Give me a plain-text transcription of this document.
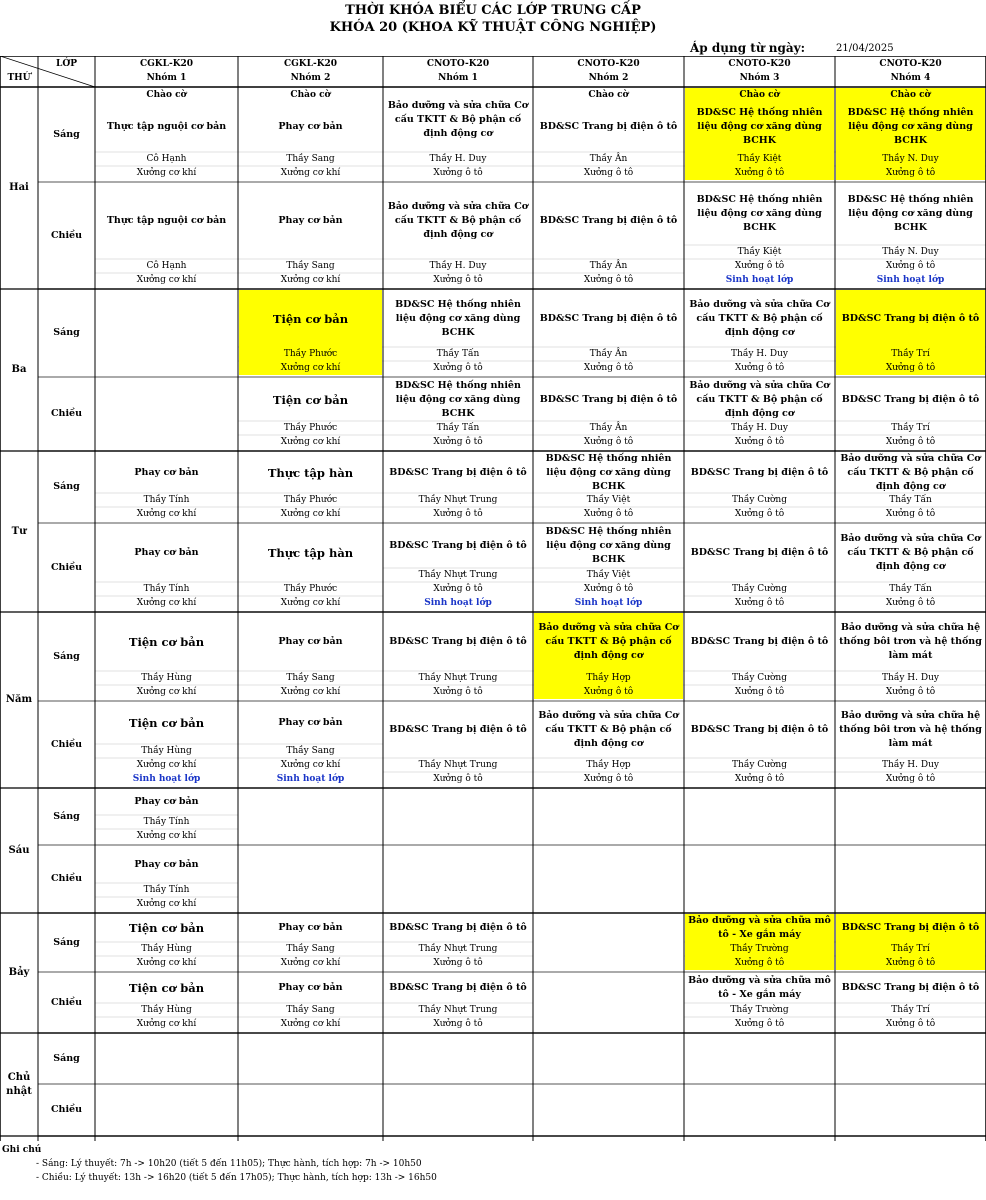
THỜI KHÓA BIỂU CÁC LỚP TRUNG CẤP
KHÓA 20 (KHOA KỸ THUẬT CÔNG NGHIỆP)
Áp dụng từ ngày:	21/04/2025
LỚP
THỨ
CGKL-K20
Nhóm 1
CGKL-K20
Nhóm 2
CNOTO-K20
Nhóm 1
CNOTO-K20
Nhóm 2
CNOTO-K20
Nhóm 3
CNOTO-K20
Nhóm 4
Hai
Sáng
Chào cờ
Thực tập nguội cơ bản
Cô Hạnh
Xưởng cơ khí
Chào cờ
Phay cơ bản
Thầy Sang
Xưởng cơ khí
Bảo dưỡng và sửa chữa Cơ cấu TKTT & Bộ phận cố định động cơ
Thầy H. Duy
Xưởng ô tô
Chào cờ
BD&SC Trang bị điện ô tô
Thầy Ân
Xưởng ô tô
Chào cờ
BD&SC Hệ thống nhiên liệu động cơ xăng dùng BCHK
Thầy Kiệt
Xưởng ô tô
Chào cờ
BD&SC Hệ thống nhiên liệu động cơ xăng dùng BCHK
Thầy N. Duy
Xưởng ô tô
Chiều
Thực tập nguội cơ bản
Cô Hạnh
Xưởng cơ khí
Phay cơ bản
Thầy Sang
Xưởng cơ khí
Bảo dưỡng và sửa chữa Cơ cấu TKTT & Bộ phận cố định động cơ
Thầy H. Duy
Xưởng ô tô
BD&SC Trang bị điện ô tô
Thầy Ân
Xưởng ô tô
BD&SC Hệ thống nhiên liệu động cơ xăng dùng BCHK
Thầy Kiệt
Xưởng ô tô
Sinh hoạt lớp
BD&SC Hệ thống nhiên liệu động cơ xăng dùng BCHK
Thầy N. Duy
Xưởng ô tô
Sinh hoạt lớp
Ba
Sáng
Tiện cơ bản
Thầy Phước
Xưởng cơ khí
BD&SC Hệ thống nhiên liệu động cơ xăng dùng BCHK
Thầy Tấn
Xưởng ô tô
BD&SC Trang bị điện ô tô
Thầy Ân
Xưởng ô tô
Bảo dưỡng và sửa chữa Cơ cấu TKTT & Bộ phận cố định động cơ
Thầy H. Duy
Xưởng ô tô
BD&SC Trang bị điện ô tô
Thầy Trí
Xưởng ô tô
Chiều
Tiện cơ bản
Thầy Phước
Xưởng cơ khí
BD&SC Hệ thống nhiên liệu động cơ xăng dùng BCHK
Thầy Tấn
Xưởng ô tô
BD&SC Trang bị điện ô tô
Thầy Ân
Xưởng ô tô
Bảo dưỡng và sửa chữa Cơ cấu TKTT & Bộ phận cố định động cơ
Thầy H. Duy
Xưởng ô tô
BD&SC Trang bị điện ô tô
Thầy Trí
Xưởng ô tô
Tư
Sáng
Phay cơ bản
Thầy Tính
Xưởng cơ khí
Thực tập hàn
Thầy Phước
Xưởng cơ khí
BD&SC Trang bị điện ô tô
Thầy Nhựt Trung
Xưởng ô tô
BD&SC Hệ thống nhiên liệu động cơ xăng dùng BCHK
Thầy Việt
Xưởng ô tô
BD&SC Trang bị điện ô tô
Thầy Cường
Xưởng ô tô
Bảo dưỡng và sửa chữa Cơ cấu TKTT & Bộ phận cố định động cơ
Thầy Tấn
Xưởng ô tô
Chiều
Phay cơ bản
Thầy Tính
Xưởng cơ khí
Thực tập hàn
Thầy Phước
Xưởng cơ khí
BD&SC Trang bị điện ô tô
Thầy Nhựt Trung
Xưởng ô tô
Sinh hoạt lớp
BD&SC Hệ thống nhiên liệu động cơ xăng dùng BCHK
Thầy Việt
Xưởng ô tô
Sinh hoạt lớp
BD&SC Trang bị điện ô tô
Thầy Cường
Xưởng ô tô
Bảo dưỡng và sửa chữa Cơ cấu TKTT & Bộ phận cố định động cơ
Thầy Tấn
Xưởng ô tô
Năm
Sáng
Tiện cơ bản
Thầy Hùng
Xưởng cơ khí
Phay cơ bản
Thầy Sang
Xưởng cơ khí
BD&SC Trang bị điện ô tô
Thầy Nhựt Trung
Xưởng ô tô
Bảo dưỡng và sửa chữa Cơ cấu TKTT & Bộ phận cố định động cơ
Thầy Hợp
Xưởng ô tô
BD&SC Trang bị điện ô tô
Thầy Cường
Xưởng ô tô
Bảo dưỡng và sửa chữa hệ thống bôi trơn và hệ thống làm mát
Thầy H. Duy
Xưởng ô tô
Chiều
Tiện cơ bản
Thầy Hùng
Xưởng cơ khí
Sinh hoạt lớp
Phay cơ bản
Thầy Sang
Xưởng cơ khí
Sinh hoạt lớp
BD&SC Trang bị điện ô tô
Thầy Nhựt Trung
Xưởng ô tô
Bảo dưỡng và sửa chữa Cơ cấu TKTT & Bộ phận cố định động cơ
Thầy Hợp
Xưởng ô tô
BD&SC Trang bị điện ô tô
Thầy Cường
Xưởng ô tô
Bảo dưỡng và sửa chữa hệ thống bôi trơn và hệ thống làm mát
Thầy H. Duy
Xưởng ô tô
Sáu
Sáng
Phay cơ bản
Thầy Tính
Xưởng cơ khí
Chiều
Phay cơ bản
Thầy Tính
Xưởng cơ khí
Bảy
Sáng
Tiện cơ bản
Thầy Hùng
Xưởng cơ khí
Phay cơ bản
Thầy Sang
Xưởng cơ khí
BD&SC Trang bị điện ô tô
Thầy Nhựt Trung
Xưởng ô tô
Bảo dưỡng và sửa chữa mô tô - Xe gắn máy
Thầy Trường
Xưởng ô tô
BD&SC Trang bị điện ô tô
Thầy Trí
Xưởng ô tô
Chiều
Tiện cơ bản
Thầy Hùng
Xưởng cơ khí
Phay cơ bản
Thầy Sang
Xưởng cơ khí
BD&SC Trang bị điện ô tô
Thầy Nhựt Trung
Xưởng ô tô
Bảo dưỡng và sửa chữa mô tô - Xe gắn máy
Thầy Trường
Xưởng ô tô
BD&SC Trang bị điện ô tô
Thầy Trí
Xưởng ô tô
Chủ nhật
Sáng
Chiều
Ghi chú
- Sáng: Lý thuyết: 7h -> 10h20 (tiết 5 đến 11h05); Thực hành, tích hợp: 7h -> 10h50
- Chiều: Lý thuyết: 13h -> 16h20 (tiết 5 đến 17h05); Thực hành, tích hợp: 13h -> 16h50
